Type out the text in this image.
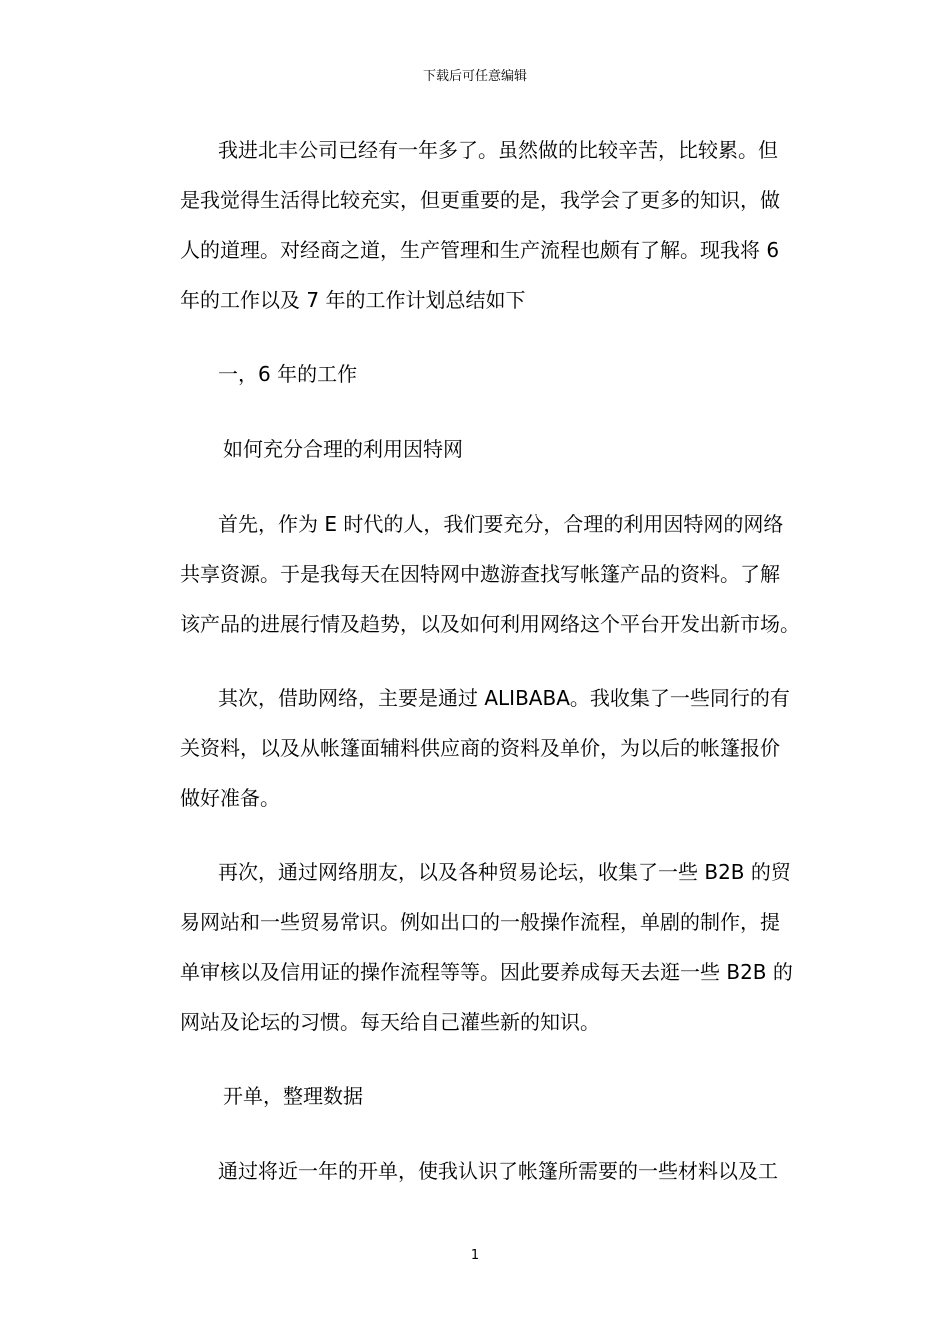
下载后可任意编辑
我进北丰公司已经有一年多了。虽然做的比较辛苦，比较累。但
是我觉得生活得比较充实，但更重要的是，我学会了更多的知识，做
人的道理。对经商之道，生产管理和生产流程也颇有了解。现我将 6
年的工作以及 7 年的工作计划总结如下
一，6 年的工作
如何充分合理的利用因特网
首先，作为 E 时代的人，我们要充分，合理的利用因特网的网络
共享资源。于是我每天在因特网中遨游查找写帐篷产品的资料。了解
该产品的进展行情及趋势，以及如何利用网络这个平台开发出新市场。
其次，借助网络，主要是通过 ALIBABA。我收集了一些同行的有
关资料，以及从帐篷面辅料供应商的资料及单价，为以后的帐篷报价
做好准备。
再次，通过网络朋友，以及各种贸易论坛，收集了一些 B2B 的贸
易网站和一些贸易常识。例如出口的一般操作流程，单剧的制作，提
单审核以及信用证的操作流程等等。因此要养成每天去逛一些 B2B 的
网站及论坛的习惯。每天给自己灌些新的知识。
开单，整理数据
通过将近一年的开单，使我认识了帐篷所需要的一些材料以及工
1
